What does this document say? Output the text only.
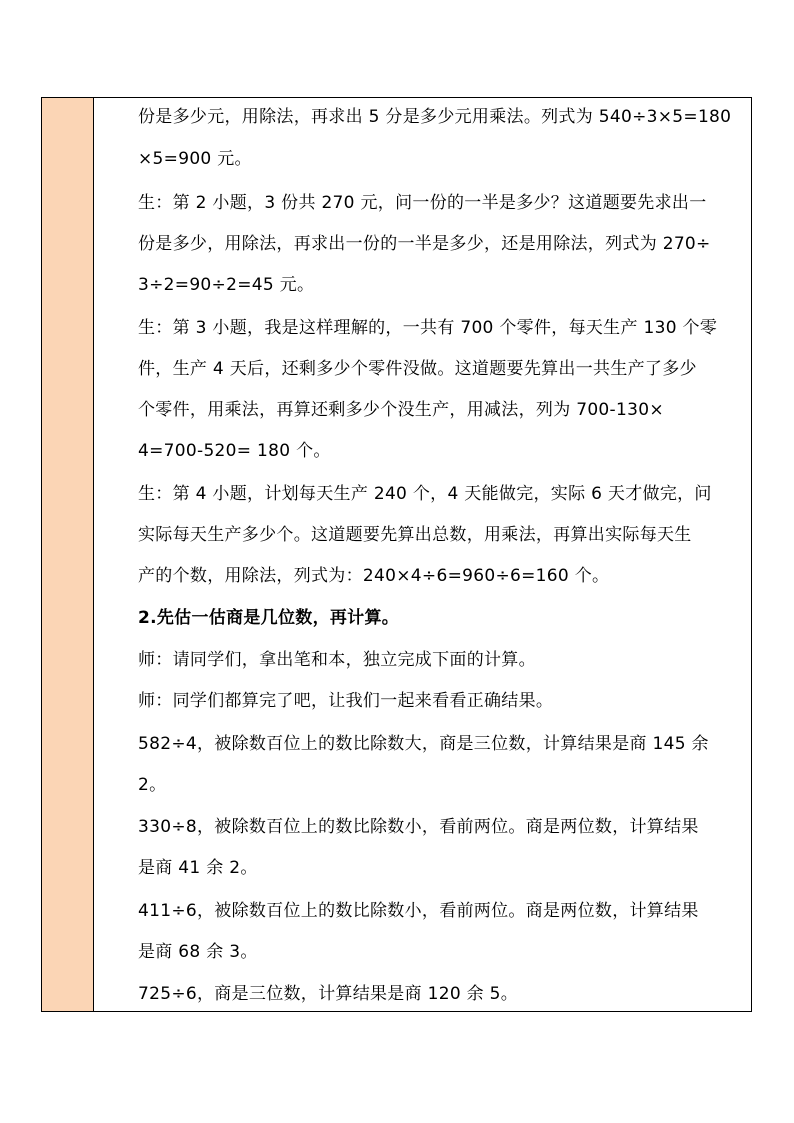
份是多少元，用除法，再求出 5 分是多少元用乘法。列式为 540÷3×5=180
×5=900 元。
生：第 2 小题，3 份共 270 元，问一份的一半是多少？这道题要先求出一
份是多少，用除法，再求出一份的一半是多少，还是用除法，列式为 270÷
3÷2=90÷2=45 元。
生：第 3 小题，我是这样理解的，一共有 700 个零件，每天生产 130 个零
件，生产 4 天后，还剩多少个零件没做。这道题要先算出一共生产了多少
个零件，用乘法，再算还剩多少个没生产，用减法，列为 700-130×
4=700-520= 180 个。
生：第 4 小题，计划每天生产 240 个，4 天能做完，实际 6 天才做完，问
实际每天生产多少个。这道题要先算出总数，用乘法，再算出实际每天生
产的个数，用除法，列式为：240×4÷6=960÷6=160 个。
2.先估一估商是几位数，再计算。
师：请同学们，拿出笔和本，独立完成下面的计算。
师：同学们都算完了吧，让我们一起来看看正确结果。
582÷4，被除数百位上的数比除数大，商是三位数，计算结果是商 145 余
2。
330÷8，被除数百位上的数比除数小，看前两位。商是两位数，计算结果
是商 41 余 2。
411÷6，被除数百位上的数比除数小，看前两位。商是两位数，计算结果
是商 68 余 3。
725÷6，商是三位数，计算结果是商 120 余 5。
